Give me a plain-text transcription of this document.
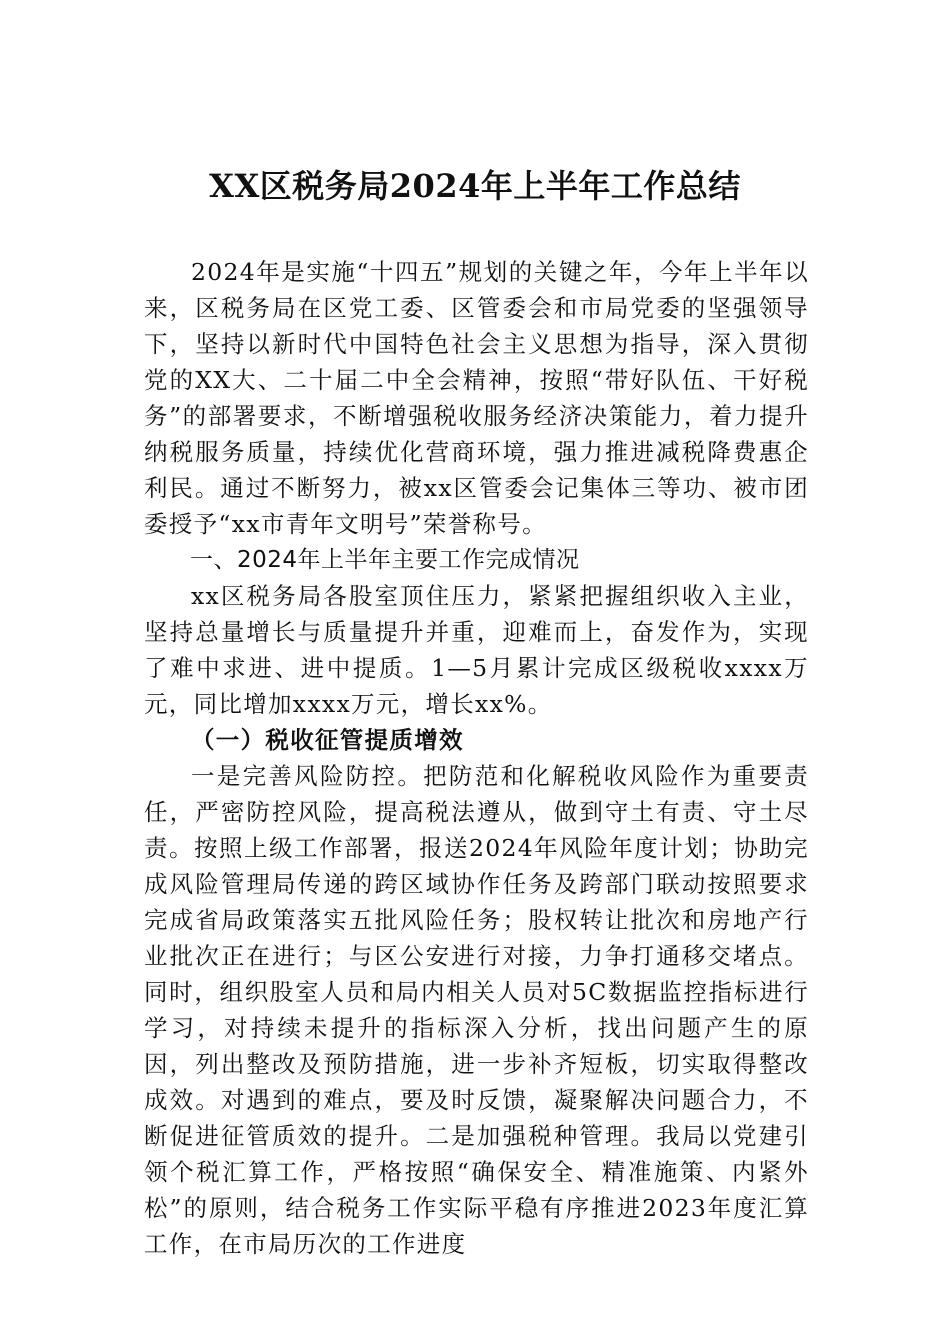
XX区税务局2024年上半年工作总结

2024年是实施“十四五”规划的关键之年，今年上半年以来，区税务局在区党工委、区管委会和市局党委的坚强领导下，坚持以新时代中国特色社会主义思想为指导，深入贯彻党的XX大、二十届二中全会精神，按照“带好队伍、干好税务”的部署要求，不断增强税收服务经济决策能力，着力提升纳税服务质量，持续优化营商环境，强力推进减税降费惠企利民。通过不断努力，被xx区管委会记集体三等功、被市团委授予“xx市青年文明号”荣誉称号。

一、2024年上半年主要工作完成情况

xx区税务局各股室顶住压力，紧紧把握组织收入主业，坚持总量增长与质量提升并重，迎难而上，奋发作为，实现了难中求进、进中提质。1—5月累计完成区级税收xxxx万元，同比增加xxxx万元，增长xx%。

（一）税收征管提质增效

一是完善风险防控。把防范和化解税收风险作为重要责任，严密防控风险，提高税法遵从，做到守土有责、守土尽责。按照上级工作部署，报送2024年风险年度计划；协助完成风险管理局传递的跨区域协作任务及跨部门联动按照要求完成省局政策落实五批风险任务；股权转让批次和房地产行业批次正在进行；与区公安进行对接，力争打通移交堵点。同时，组织股室人员和局内相关人员对5C数据监控指标进行学习，对持续未提升的指标深入分析，找出问题产生的原因，列出整改及预防措施，进一步补齐短板，切实取得整改成效。对遇到的难点，要及时反馈，凝聚解决问题合力，不断促进征管质效的提升。二是加强税种管理。我局以党建引领个税汇算工作，严格按照“确保安全、精准施策、内紧外松”的原则，结合税务工作实际平稳有序推进2023年度汇算工作，在市局历次的工作进度
